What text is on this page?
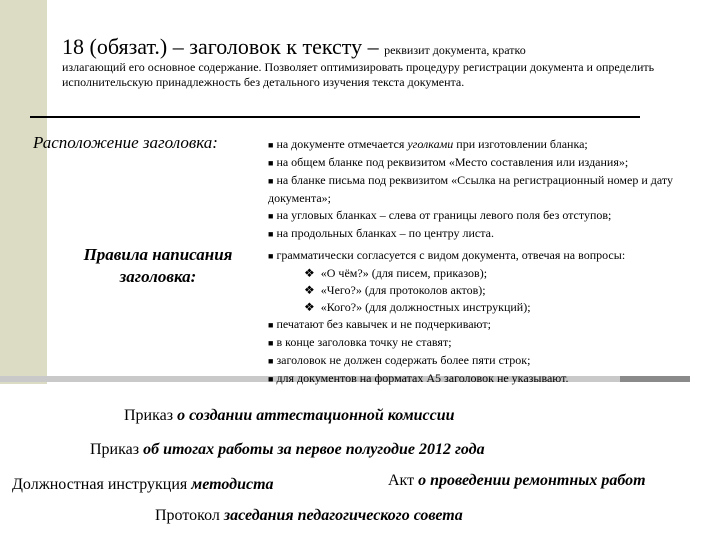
18 (обязат.) – заголовок к тексту – реквизит документа, кратко
излагающий его основное содержание. Позволяет оптимизировать процедуру регистрации документа и определить исполнительскую принадлежность без детального изучения текста документа.
Расположение заголовка:	■ на документе отмечается уголками при изготовлении бланка;
■ на общем бланке под реквизитом «Место составления или издания»;
■ на бланке письма под реквизитом «Ссылка на регистрационный номер и дату документа»;
■ на угловых бланках – слева от границы левого поля без отступов;
■ на продольных бланках – по центру листа.
Правила написания заголовка:
■ грамматически согласуется с видом документа, отвечая на вопросы:
❖ «О чём?» (для писем, приказов);
❖ «Чего?» (для протоколов актов);
❖ «Кого?» (для должностных инструкций);
■ печатают без кавычек и не подчеркивают;
■ в конце заголовка точку не ставят;
■ заголовок не должен содержать более пяти строк;
■ для документов на форматах А5 заголовок не указывают.
Приказ о создании аттестационной комиссии
Приказ об итогах работы за первое полугодие 2012 года
Должностная инструкция методиста	Акт о проведении ремонтных работ
Протокол заседания педагогического совета
